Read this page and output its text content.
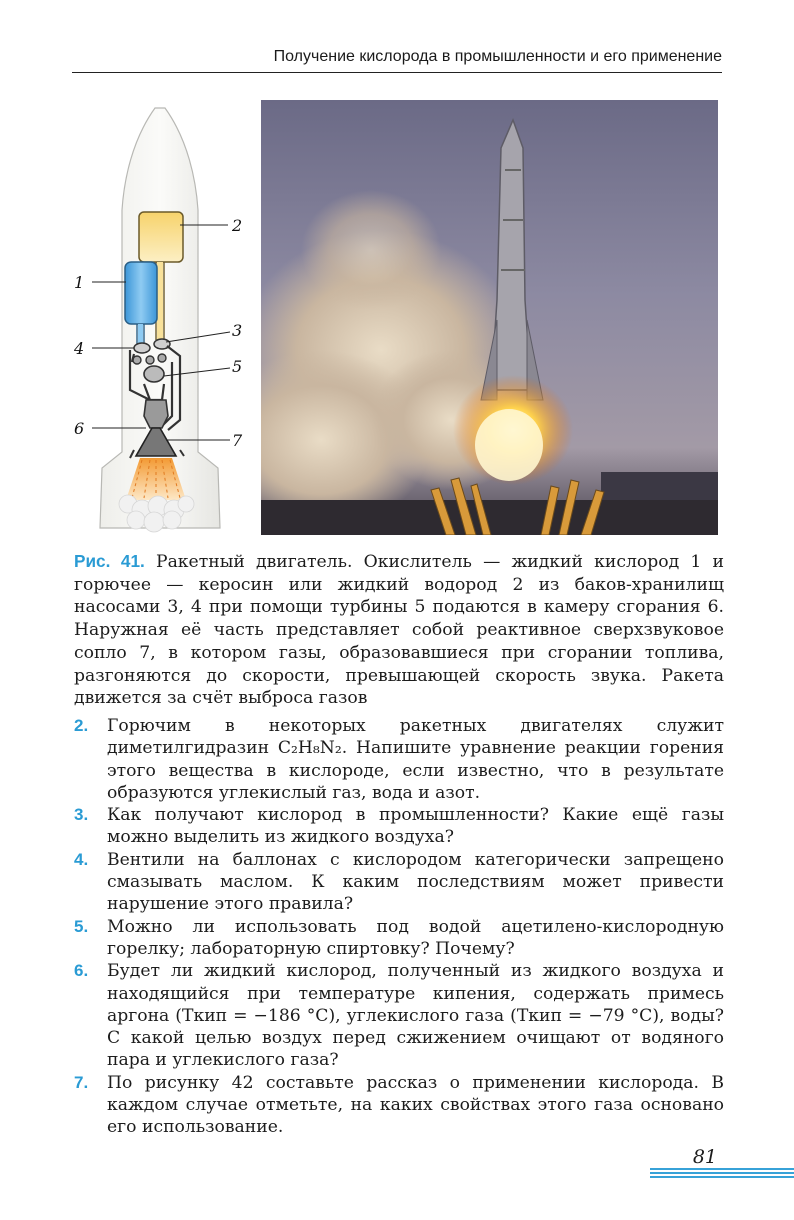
Получение кислорода в промышленности и его применение
2
1
3
4
5
6
7
Рис. 41. Ракетный двигатель. Окислитель — жидкий кислород 1 и горючее — керосин или жидкий водород 2 из баков-хранилищ насосами 3, 4 при помощи турбины 5 подаются в камеру сгорания 6. Наружная её часть представляет собой реактивное сверхзвуковое сопло 7, в котором газы, образовавшиеся при сгорании топлива, разгоняются до скорости, превышающей скорость звука. Ракета движется за счёт выброса газов
2. Горючим в некоторых ракетных двигателях служит диметилгидразин C₂H₈N₂. Напишите уравнение реакции горения этого вещества в кислороде, если известно, что в результате образуются углекислый газ, вода и азот.
3. Как получают кислород в промышленности? Какие ещё газы можно выделить из жидкого воздуха?
4. Вентили на баллонах с кислородом категорически запрещено смазывать маслом. К каким последствиям может привести нарушение этого правила?
5. Можно ли использовать под водой ацетилено-кислородную горелку; лабораторную спиртовку? Почему?
6. Будет ли жидкий кислород, полученный из жидкого воздуха и находящийся при температуре кипения, содержать примесь аргона (Tкип = −186 °C), углекислого газа (Tкип = −79 °C), воды? С какой целью воздух перед сжижением очищают от водяного пара и углекислого газа?
7. По рисунку 42 составьте рассказ о применении кислорода. В каждом случае отметьте, на каких свойствах этого газа основано его использование.
81
